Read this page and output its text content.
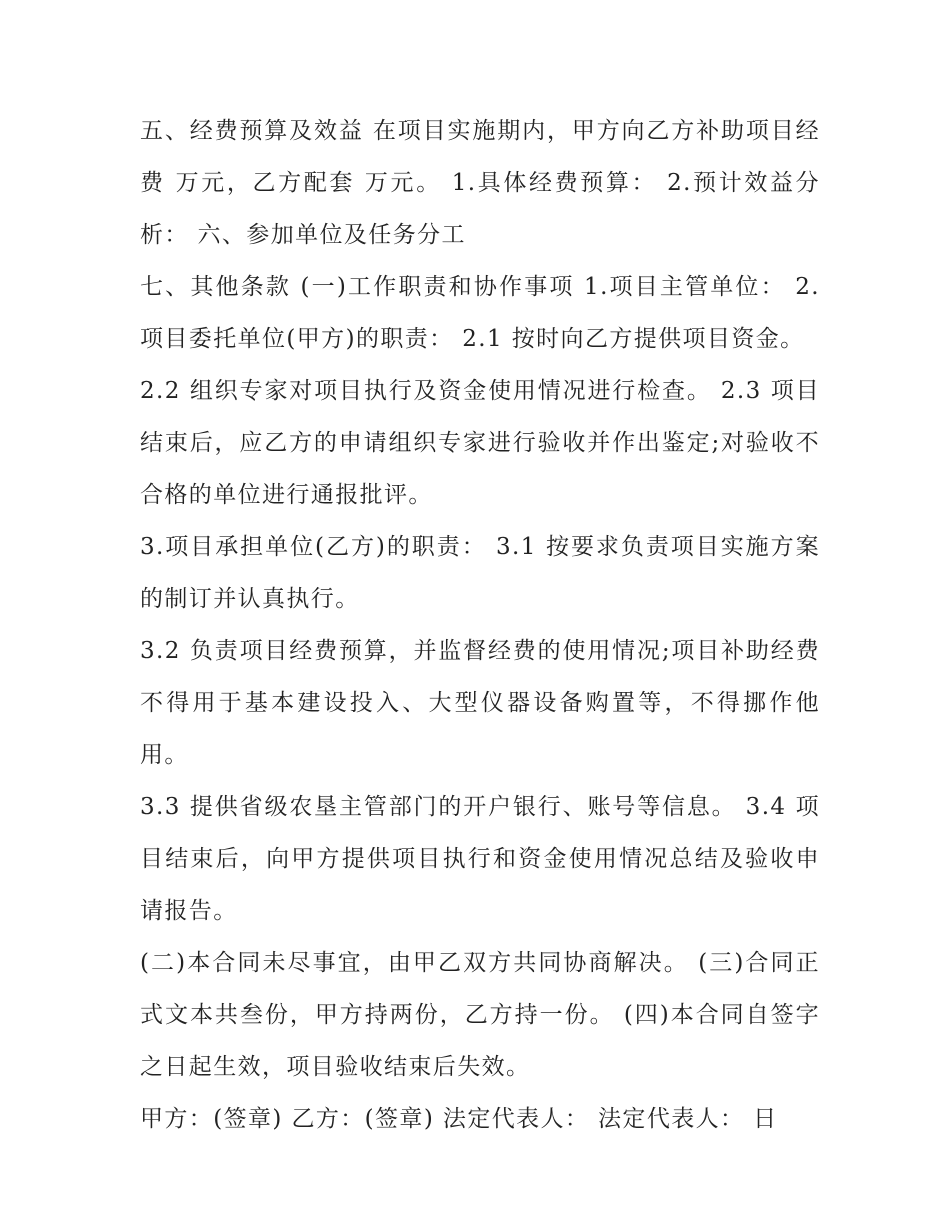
五、经费预算及效益 在项目实施期内，甲方向乙方补助项目经费 万元，乙方配套 万元。 1.具体经费预算： 2.预计效益分析： 六、参加单位及任务分工

七、其他条款 (一)工作职责和协作事项 1.项目主管单位： 2.项目委托单位(甲方)的职责： 2.1 按时向乙方提供项目资金。

2.2 组织专家对项目执行及资金使用情况进行检查。 2.3 项目结束后，应乙方的申请组织专家进行验收并作出鉴定;对验收不合格的单位进行通报批评。

3.项目承担单位(乙方)的职责： 3.1 按要求负责项目实施方案的制订并认真执行。

3.2 负责项目经费预算，并监督经费的使用情况;项目补助经费不得用于基本建设投入、大型仪器设备购置等，不得挪作他用。

3.3 提供省级农垦主管部门的开户银行、账号等信息。 3.4 项目结束后，向甲方提供项目执行和资金使用情况总结及验收申请报告。

(二)本合同未尽事宜，由甲乙双方共同协商解决。 (三)合同正式文本共叁份，甲方持两份，乙方持一份。 (四)本合同自签字之日起生效，项目验收结束后失效。

甲方：(签章) 乙方：(签章) 法定代表人： 法定代表人： 日
